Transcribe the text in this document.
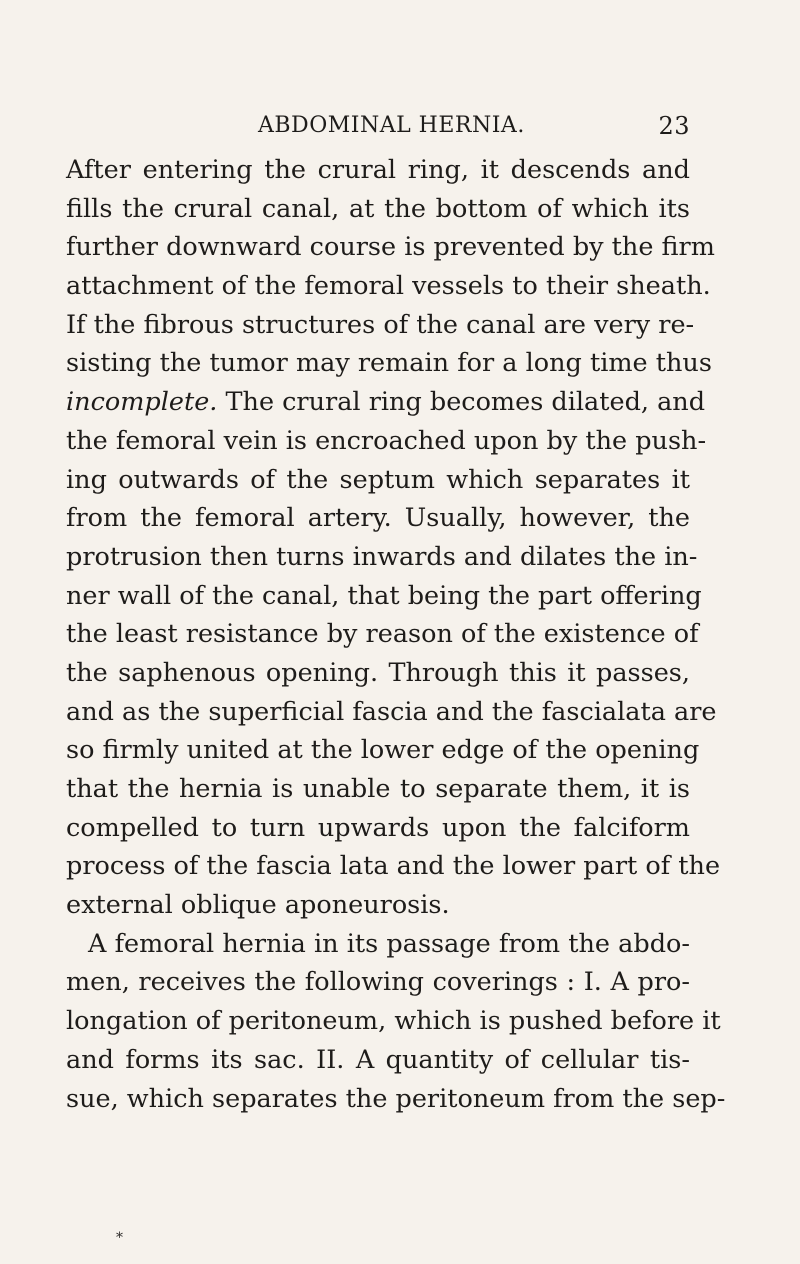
ABDOMINAL HERNIA.	23
After entering the crural ring, it descends and
fills the crural canal, at the bottom of which its
further downward course is prevented by the firm
attachment of the femoral vessels to their sheath.
If the fibrous structures of the canal are very re-
sisting the tumor may remain for a long time thus
incomplete. The crural ring becomes dilated, and
the femoral vein is encroached upon by the push-
ing outwards of the septum which separates it
from the femoral artery. Usually, however, the
protrusion then turns inwards and dilates the in-
ner wall of the canal, that being the part offering
the least resistance by reason of the existence of
the saphenous opening. Through this it passes,
and as the superficial fascia and the fascialata are
so firmly united at the lower edge of the opening
that the hernia is unable to separate them, it is
compelled to turn upwards upon the falciform
process of the fascia lata and the lower part of the
external oblique aponeurosis.
A femoral hernia in its passage from the abdo-
men, receives the following coverings : I. A pro-
longation of peritoneum, which is pushed before it
and forms its sac. II. A quantity of cellular tis-
sue, which separates the peritoneum from the sep-
*
